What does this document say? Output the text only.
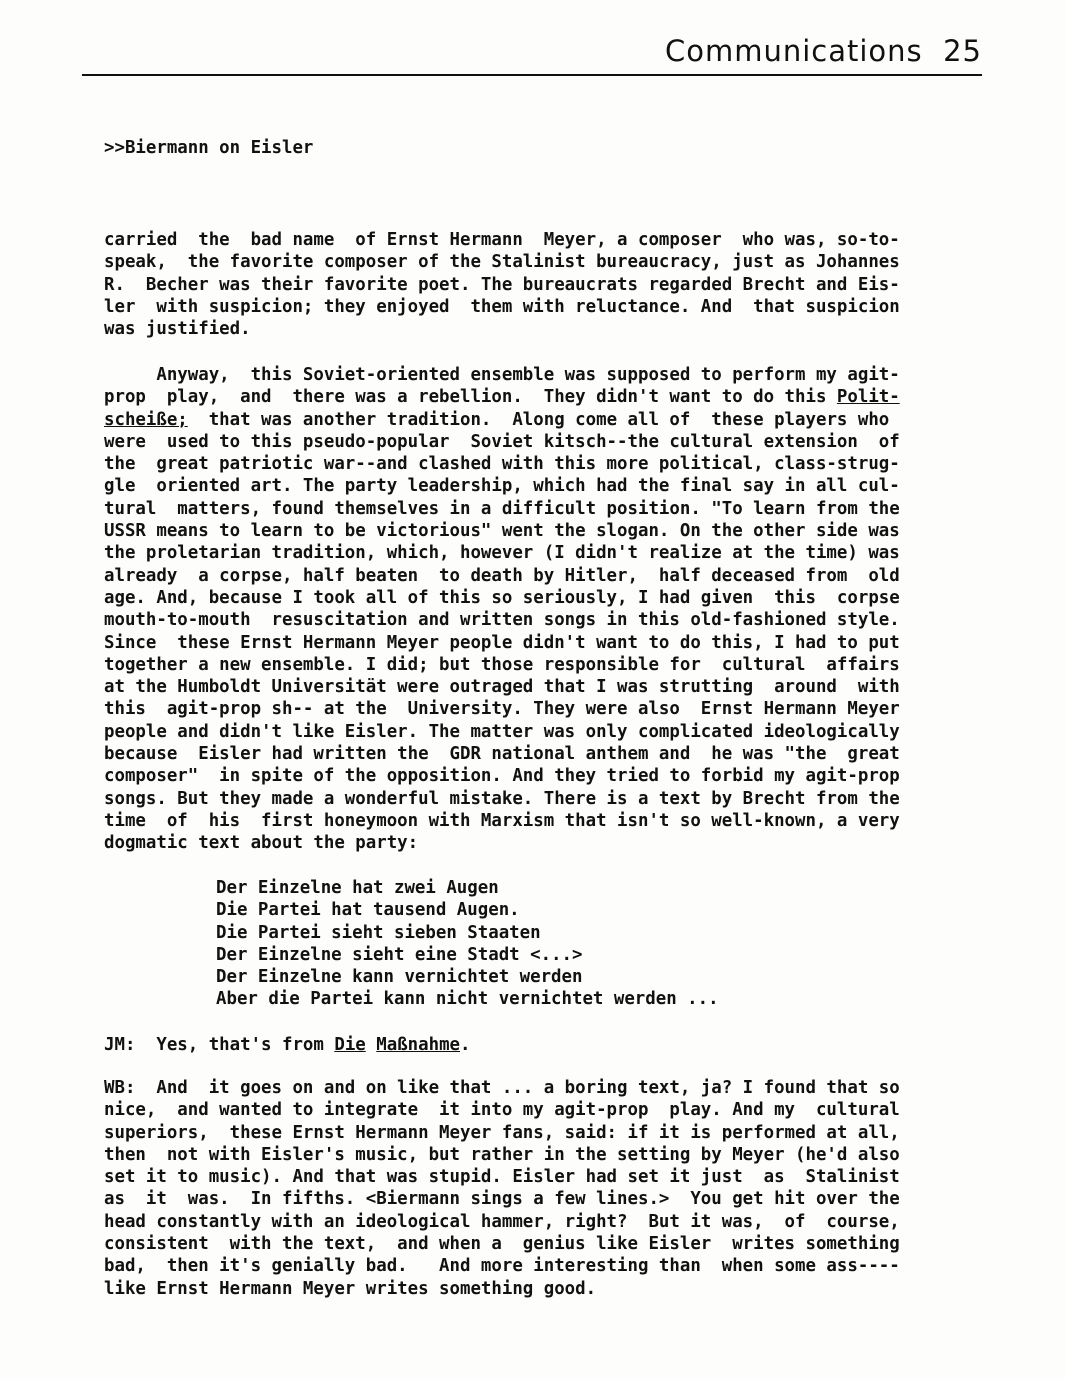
Communications 25
>>Biermann on Eisler
carried  the  bad name  of Ernst Hermann  Meyer, a composer  who was, so-to-
speak,  the favorite composer of the Stalinist bureaucracy, just as Johannes
R.  Becher was their favorite poet. The bureaucrats regarded Brecht and Eis-
ler  with suspicion; they enjoyed  them with reluctance. And  that suspicion
was justified.
Anyway,  this Soviet-oriented ensemble was supposed to perform my agit-
prop  play,  and  there was a rebellion.  They didn't want to do this Polit-
scheiße;  that was another tradition.  Along come all of  these players who
were  used to this pseudo-popular  Soviet kitsch--the cultural extension  of
the  great patriotic war--and clashed with this more political, class-strug-
gle  oriented art. The party leadership, which had the final say in all cul-
tural  matters, found themselves in a difficult position. "To learn from the
USSR means to learn to be victorious" went the slogan. On the other side was
the proletarian tradition, which, however (I didn't realize at the time) was
already  a corpse, half beaten  to death by Hitler,  half deceased from  old
age. And, because I took all of this so seriously, I had given  this  corpse
mouth-to-mouth  resuscitation and written songs in this old-fashioned style.
Since  these Ernst Hermann Meyer people didn't want to do this, I had to put
together a new ensemble. I did; but those responsible for  cultural  affairs
at the Humboldt Universität were outraged that I was strutting  around  with
this  agit-prop sh-- at the  University. They were also  Ernst Hermann Meyer
people and didn't like Eisler. The matter was only complicated ideologically
because  Eisler had written the  GDR national anthem and  he was "the  great
composer"  in spite of the opposition. And they tried to forbid my agit-prop
songs. But they made a wonderful mistake. There is a text by Brecht from the
time  of  his  first honeymoon with Marxism that isn't so well-known, a very
dogmatic text about the party:
Der Einzelne hat zwei Augen
Die Partei hat tausend Augen.
Die Partei sieht sieben Staaten
Der Einzelne sieht eine Stadt <...>
Der Einzelne kann vernichtet werden
Aber die Partei kann nicht vernichtet werden ...
JM:  Yes, that's from Die Maßnahme.
WB:  And  it goes on and on like that ... a boring text, ja? I found that so
nice,  and wanted to integrate  it into my agit-prop  play. And my  cultural
superiors,  these Ernst Hermann Meyer fans, said: if it is performed at all,
then  not with Eisler's music, but rather in the setting by Meyer (he'd also
set it to music). And that was stupid. Eisler had set it just  as  Stalinist
as  it  was.  In fifths. <Biermann sings a few lines.>  You get hit over the
head constantly with an ideological hammer, right?  But it was,  of  course,
consistent  with the text,  and when a  genius like Eisler  writes something
bad,  then it's genially bad.   And more interesting than  when some ass----
like Ernst Hermann Meyer writes something good.
